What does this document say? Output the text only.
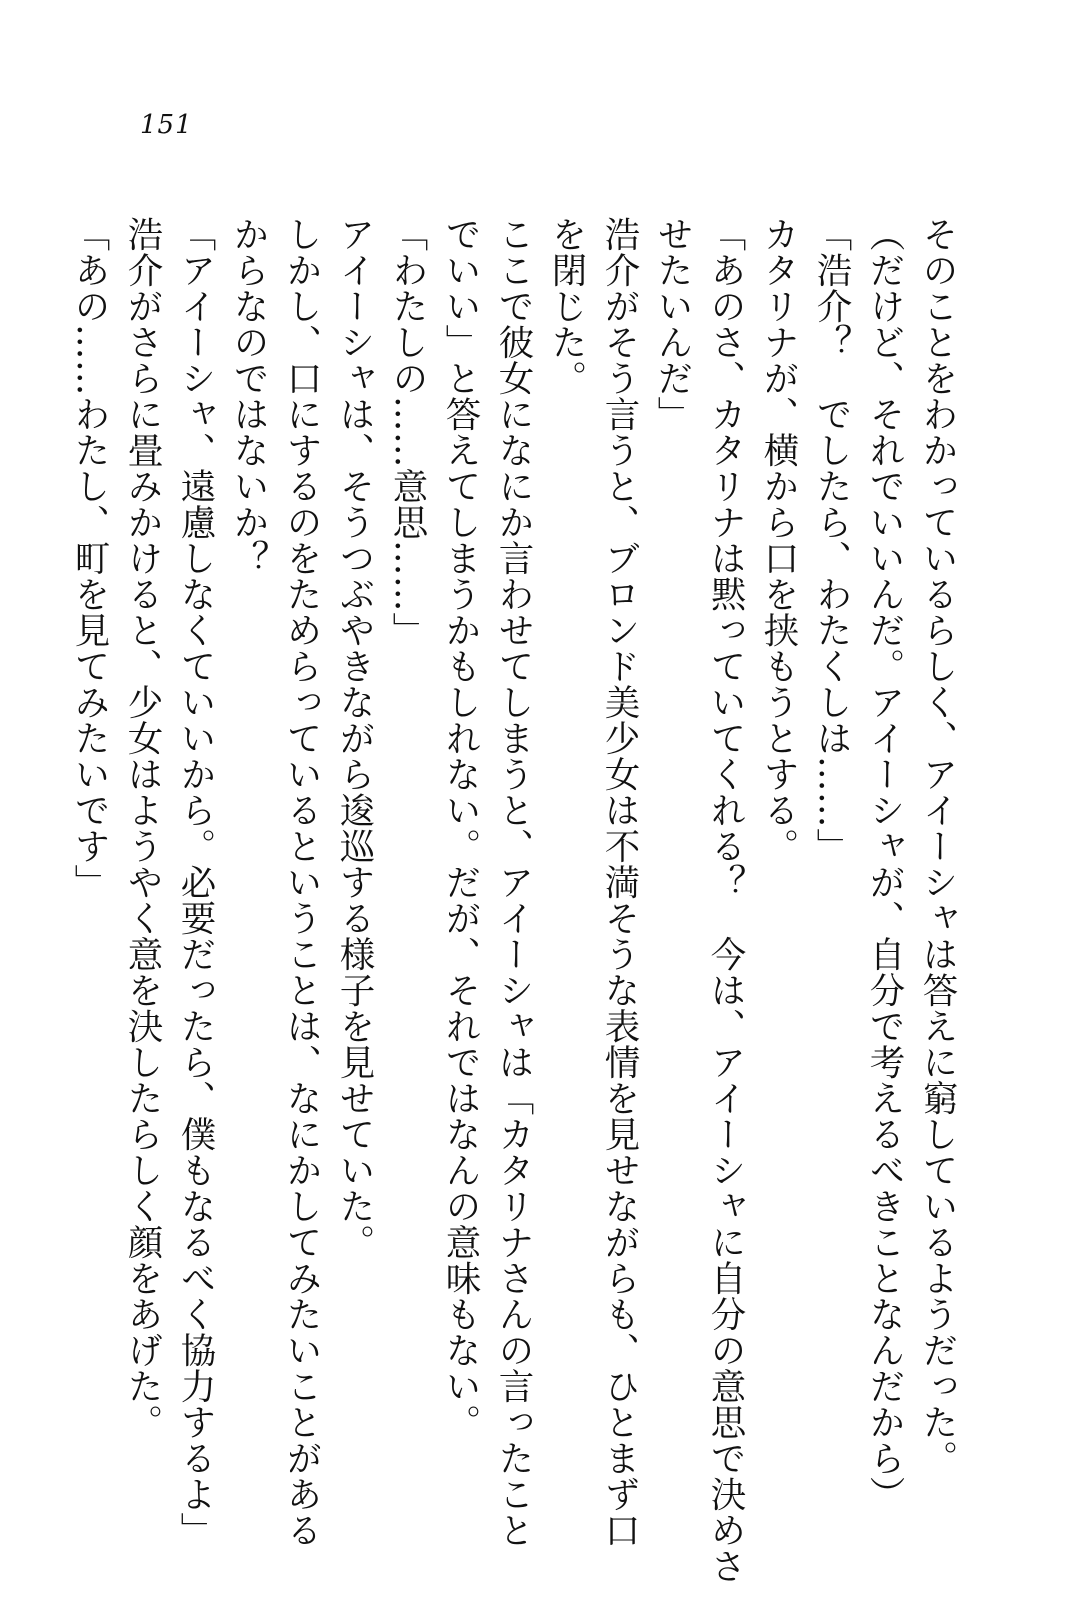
151
そのことをわかっているらしく、アイーシャは答えに窮しているようだった。
（だけど、それでいいんだ。アイーシャが、自分で考えるべきことなんだから）
「浩介？　でしたら、わたくしは……」
カタリナが、横から口を挟もうとする。
「あのさ、カタリナは黙っていてくれる？　今は、アイーシャに自分の意思で決めさ
せたいんだ」
浩介がそう言うと、ブロンド美少女は不満そうな表情を見せながらも、ひとまず口
を閉じた。
ここで彼女になにか言わせてしまうと、アイーシャは「カタリナさんの言ったこと
でいい」と答えてしまうかもしれない。だが、それではなんの意味もない。
「わたしの……意思……」
アイーシャは、そうつぶやきながら逡巡する様子を見せていた。
しかし、口にするのをためらっているということは、なにかしてみたいことがある
からなのではないか？
「アイーシャ、遠慮しなくていいから。必要だったら、僕もなるべく協力するよ」
浩介がさらに畳みかけると、少女はようやく意を決したらしく顔をあげた。
「あの……わたし、町を見てみたいです」
